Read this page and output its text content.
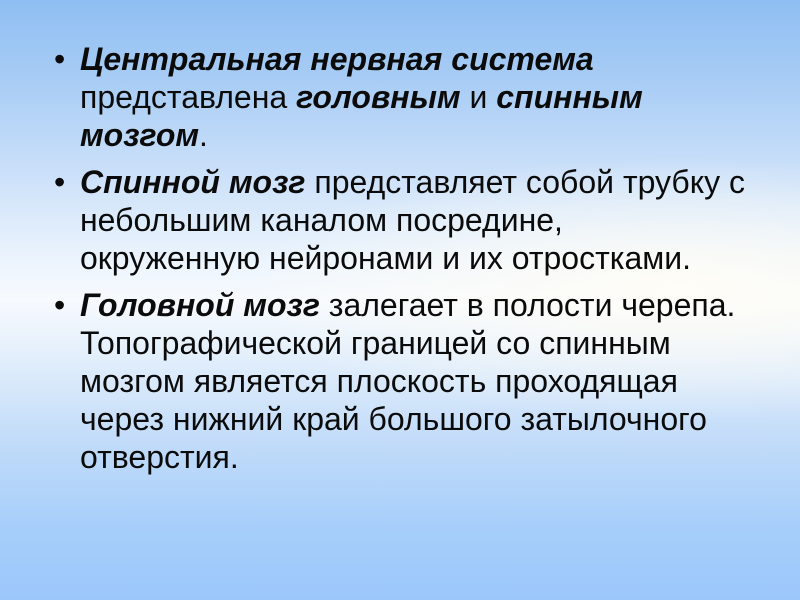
• Центральная нервная система представлена головным и спинным мозгом.
• Спинной мозг представляет собой трубку с небольшим каналом посредине, окруженную нейронами и их отростками.
• Головной мозг залегает в полости черепа. Топографической границей со спинным мозгом является плоскость проходящая через нижний край большого затылочного отверстия.
